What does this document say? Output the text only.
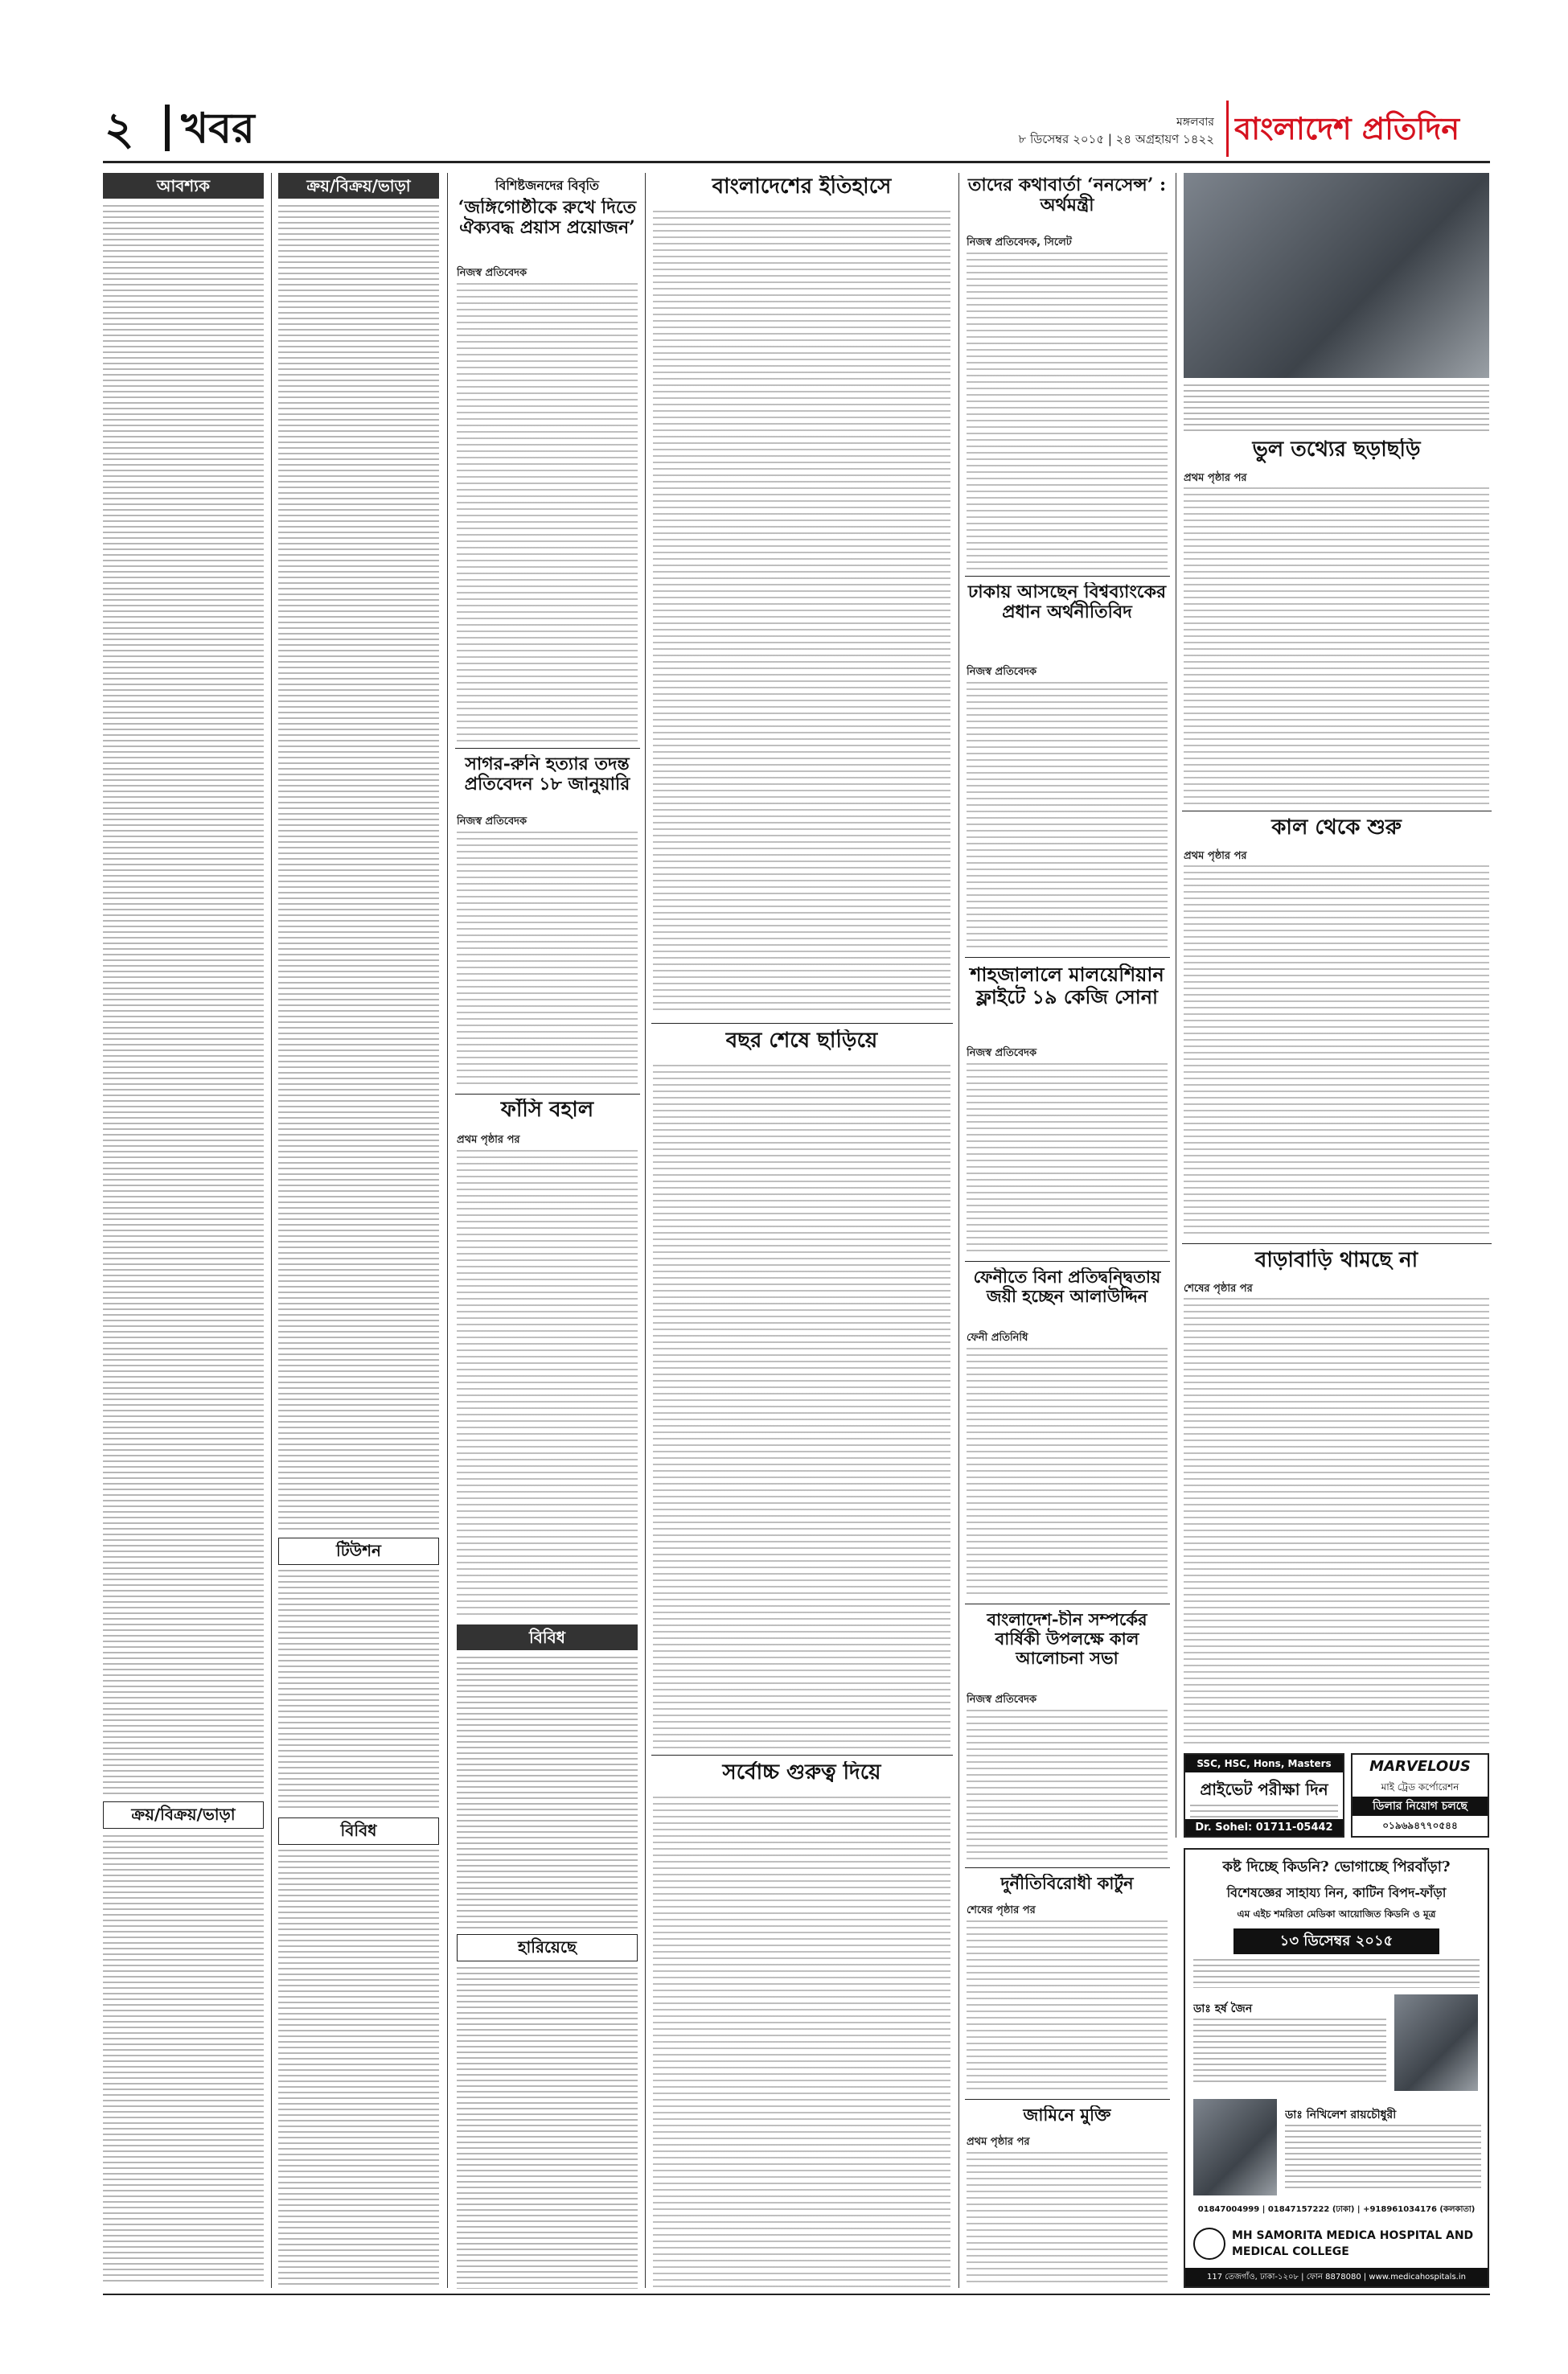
২	খবর	মঙ্গলবার
৮ ডিসেম্বর ২০১৫ | ২৪ অগ্রহায়ণ ১৪২২ বাংলাদেশ প্রতিদিন
আবশ্যক
ক্রয়/বিক্রয়/ভাড়া
ক্রয়/বিক্রয়/ভাড়া
টিউশন
বিবিধ
বিশিষ্টজনদের বিবৃতি
‘জঙ্গিগোষ্ঠীকে রুখে দিতে ঐক্যবদ্ধ প্রয়াস প্রয়োজন’
নিজস্ব প্রতিবেদক
সাগর-রুনি হত্যার তদন্ত প্রতিবেদন ১৮ জানুয়ারি
নিজস্ব প্রতিবেদক
ফাঁসি বহাল
প্রথম পৃষ্ঠার পর
বিবিধ
হারিয়েছে
বাংলাদেশের ইতিহাসে
বছর শেষে ছাড়িয়ে
সর্বোচ্চ গুরুত্ব দিয়ে
তাদের কথাবার্তা ‘ননসেন্স’ : অর্থমন্ত্রী
নিজস্ব প্রতিবেদক, সিলেট
ঢাকায় আসছেন বিশ্বব্যাংকের প্রধান অর্থনীতিবিদ
নিজস্ব প্রতিবেদক
শাহজালালে মালয়েশিয়ান ফ্লাইটে ১৯ কেজি সোনা
নিজস্ব প্রতিবেদক
ফেনীতে বিনা প্রতিদ্বন্দ্বিতায় জয়ী হচ্ছেন আলাউদ্দিন
ফেনী প্রতিনিধি
বাংলাদেশ-চীন সম্পর্কের বার্ষিকী উপলক্ষে কাল আলোচনা সভা
নিজস্ব প্রতিবেদক
দুর্নীতিবিরোধী কার্টুন
শেষের পৃষ্ঠার পর
জামিনে মুক্তি
প্রথম পৃষ্ঠার পর
ভুল তথ্যের ছড়াছড়ি
প্রথম পৃষ্ঠার পর
কাল থেকে শুরু
প্রথম পৃষ্ঠার পর
বাড়াবাড়ি থামছে না
শেষের পৃষ্ঠার পর
SSC, HSC, Hons, Masters
প্রাইভেট পরীক্ষা দিন
Dr. Sohel: 01711-05442
MARVELOUS
মাই ট্রেড কর্পোরেশন
ডিলার নিয়োগ চলছে
০১৯৬৯৪৭৭০৫৪৪
কষ্ট দিচ্ছে কিডনি? ভোগাচ্ছে পিরবাঁড়া?
বিশেষজ্ঞের সাহায্য নিন, কাটিন বিপদ-ফাঁড়া
এম এইচ শমরিতা মেডিকা আয়োজিত কিডনি ও মূত্র
১৩ ডিসেম্বর ২০১৫
ডাঃ হর্ষ জৈন
ডাঃ নিখিলেশ রায়চৌধুরী
01847004999 | 01847157222 (ঢাকা) | +918961034176 (কলকাতা)
MH SAMORITA MEDICA HOSPITAL AND MEDICAL COLLEGE
117 তেজগাঁও, ঢাকা-১২০৮ | ফোন 8878080 | www.medicahospitals.in
